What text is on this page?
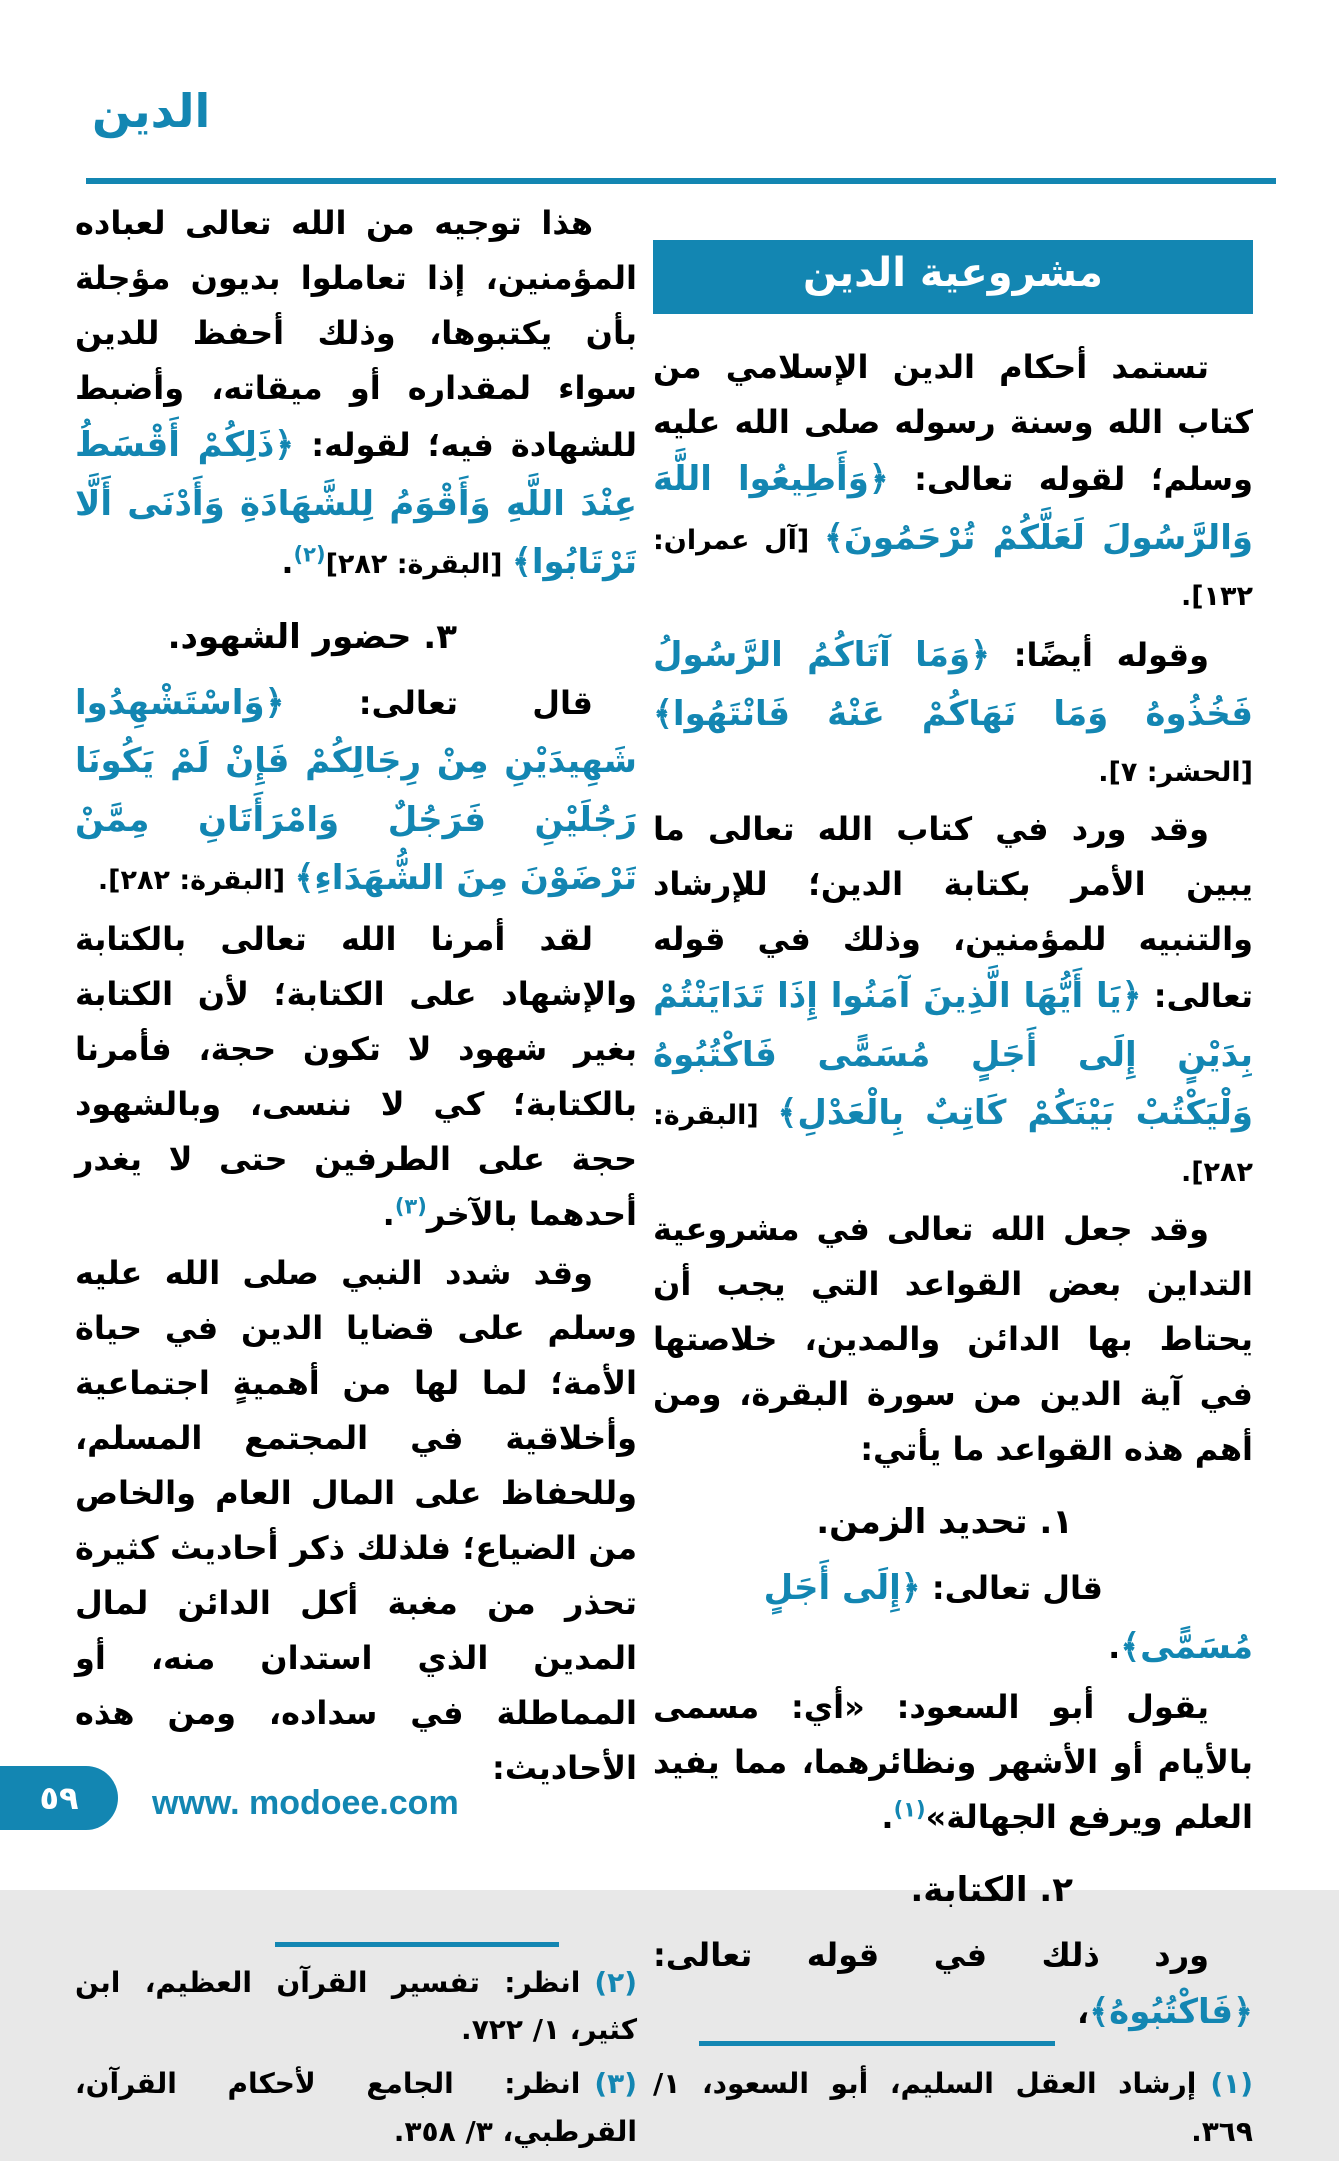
الدين
مشروعية الدين

تستمد أحكام الدين الإسلامي من كتاب الله وسنة رسوله صلى الله عليه وسلم؛ لقوله تعالى: ﴿وَأَطِيعُوا اللَّهَ وَالرَّسُولَ لَعَلَّكُمْ تُرْحَمُونَ﴾ [آل عمران: ١٣٢].

وقوله أيضًا: ﴿وَمَا آتَاكُمُ الرَّسُولُ فَخُذُوهُ وَمَا نَهَاكُمْ عَنْهُ فَانْتَهُوا﴾ [الحشر: ٧].

وقد ورد في كتاب الله تعالى ما يبين الأمر بكتابة الدين؛ للإرشاد والتنبيه للمؤمنين، وذلك في قوله تعالى: ﴿يَا أَيُّهَا الَّذِينَ آمَنُوا إِذَا تَدَايَنْتُمْ بِدَيْنٍ إِلَى أَجَلٍ مُسَمًّى فَاكْتُبُوهُ وَلْيَكْتُبْ بَيْنَكُمْ كَاتِبٌ بِالْعَدْلِ﴾ [البقرة: ٢٨٢].

وقد جعل الله تعالى في مشروعية التداين بعض القواعد التي يجب أن يحتاط بها الدائن والمدين، خلاصتها في آية الدين من سورة البقرة، ومن أهم هذه القواعد ما يأتي:

١. تحديد الزمن.

قال تعالى: ﴿إِلَى أَجَلٍ مُسَمًّى﴾.

يقول أبو السعود: «أي: مسمى بالأيام أو الأشهر ونظائرهما، مما يفيد العلم ويرفع الجهالة»$^{(١)}$.

٢. الكتابة.

ورد ذلك في قوله تعالى: ﴿فَاكْتُبُوهُ﴾،

(١)إرشاد العقل السليم، أبو السعود، ١/ ٣٦٩.

هذا توجيه من الله تعالى لعباده المؤمنين، إذا تعاملوا بديون مؤجلة بأن يكتبوها، وذلك أحفظ للدين سواء لمقداره أو ميقاته، وأضبط للشهادة فيه؛ لقوله: ﴿ذَلِكُمْ أَقْسَطُ عِنْدَ اللَّهِ وَأَقْوَمُ لِلشَّهَادَةِ وَأَدْنَى أَلَّا تَرْتَابُوا﴾ [البقرة: ٢٨٢]$^{(٢)}$.

٣. حضور الشهود.

قال تعالى: ﴿وَاسْتَشْهِدُوا شَهِيدَيْنِ مِنْ رِجَالِكُمْ فَإِنْ لَمْ يَكُونَا رَجُلَيْنِ فَرَجُلٌ وَامْرَأَتَانِ مِمَّنْ تَرْضَوْنَ مِنَ الشُّهَدَاءِ﴾ [البقرة: ٢٨٢].

لقد أمرنا الله تعالى بالكتابة والإشهاد على الكتابة؛ لأن الكتابة بغير شهود لا تكون حجة، فأمرنا بالكتابة؛ كي لا ننسى، وبالشهود حجة على الطرفين حتى لا يغدر أحدهما بالآخر$^{(٣)}$.

وقد شدد النبي صلى الله عليه وسلم على قضايا الدين في حياة الأمة؛ لما لها من أهميةٍ اجتماعية وأخلاقية في المجتمع المسلم، وللحفاظ على المال العام والخاص من الضياع؛ فلذلك ذكر أحاديث كثيرة تحذر من مغبة أكل الدائن لمال المدين الذي استدان منه، أو المماطلة في سداده، ومن هذه الأحاديث:

(٢)انظر: تفسير القرآن العظيم، ابن كثير، ١/ ٧٢٢.

(٣)انظر: الجامع لأحكام القرآن، القرطبي، ٣/ ٣٥٨.

٥٩ www. modoee.com
